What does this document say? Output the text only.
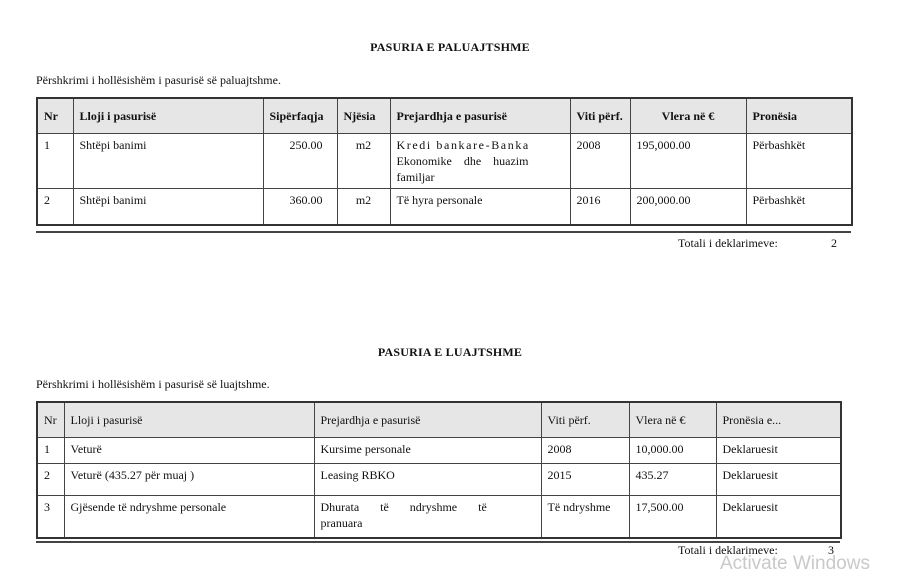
PASURIA E PALUAJTSHME
Përshkrimi i hollësishëm i pasurisë së paluajtshme.
Nr	Lloji i pasurisë	Sipërfaqja	Njësia	Prejardhja e pasurisë	Viti përf.	Vlera në €	Pronësia
1	Shtëpi banimi	250.00	m2	Kredi bankare-Banka
Ekonomike    dhe    huazim
familjar	2008	195,000.00	Përbashkët
2	Shtëpi banimi	360.00	m2	Të hyra personale	2016	200,000.00	Përbashkët
Totali i deklarimeve:	2
PASURIA E LUAJTSHME
Përshkrimi i hollësishëm i pasurisë së luajtshme.
Nr	Lloji i pasurisë	Prejardhja e pasurisë	Viti përf.	Vlera në €	Pronësia e...
1	Veturë	Kursime personale	2008	10,000.00	Deklaruesit
2	Veturë (435.27 për muaj )	Leasing RBKO	2015	435.27	Deklaruesit
3	Gjësende të ndryshme personale	Dhurata       të       ndryshme       të
pranuara	Të ndryshme	17,500.00	Deklaruesit
Totali i deklarimeve:	3
Activate Windows
